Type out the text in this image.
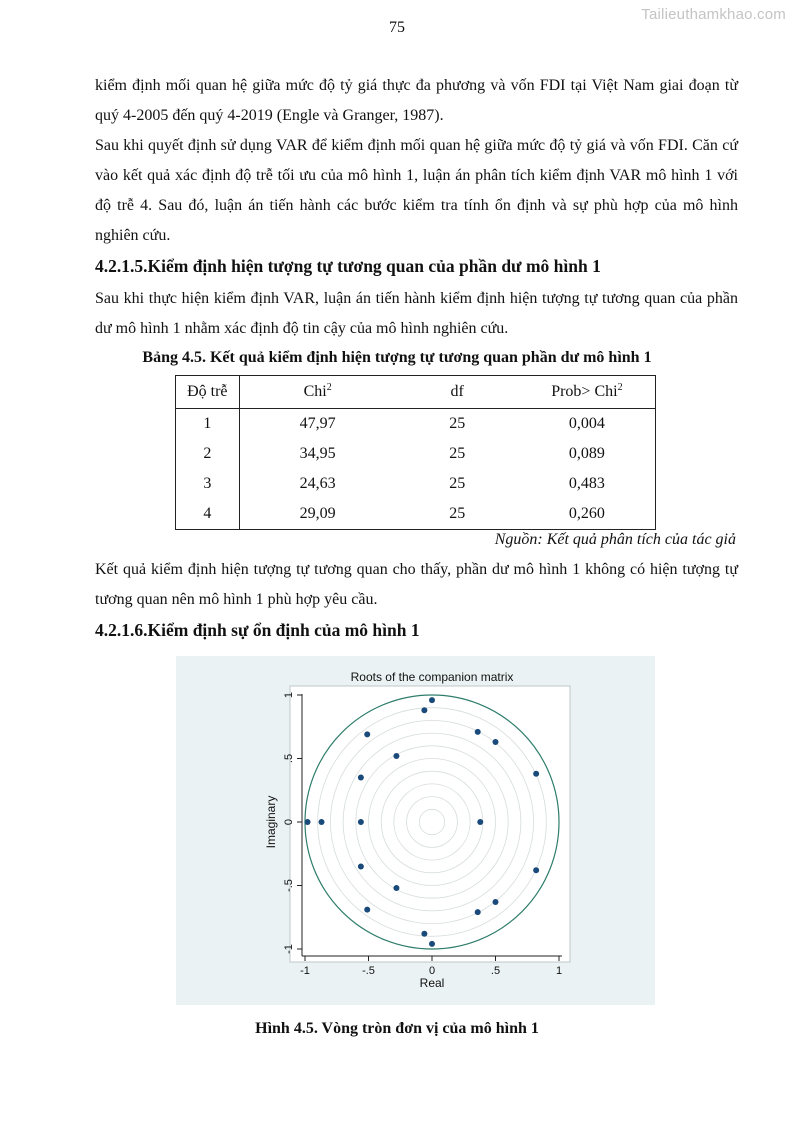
Tailieuthamkhao.com
75

kiểm định mối quan hệ giữa mức độ tỷ giá thực đa phương và vốn FDI tại Việt Nam giai đoạn từ quý 4-2005 đến quý 4-2019 (Engle và Granger, 1987).

Sau khi quyết định sử dụng VAR để kiểm định mối quan hệ giữa mức độ tỷ giá và vốn FDI. Căn cứ vào kết quả xác định độ trễ tối ưu của mô hình 1, luận án phân tích kiểm định VAR mô hình 1 với độ trễ 4. Sau đó, luận án tiến hành các bước kiểm tra tính ổn định và sự phù hợp của mô hình nghiên cứu.

4.2.1.5.Kiểm định hiện tượng tự tương quan của phần dư mô hình 1

Sau khi thực hiện kiểm định VAR, luận án tiến hành kiểm định hiện tượng tự tương quan của phần dư mô hình 1 nhằm xác định độ tin cậy của mô hình nghiên cứu.

Bảng 4.5. Kết quả kiểm định hiện tượng tự tương quan phần dư mô hình 1
Độ trễ	Chi$^2$	df	Prob> Chi$^2$
1	47,97	25	0,004
2	34,95	25	0,089
3	24,63	25	0,483
4	29,09	25	0,260
Nguồn: Kết quả phân tích của tác giả

Kết quả kiểm định hiện tượng tự tương quan cho thấy, phần dư mô hình 1 không có hiện tượng tự tương quan nên mô hình 1 phù hợp yêu cầu.

4.2.1.6.Kiểm định sự ổn định của mô hình 1
-1	-.5	0	.5	1
-1
-.5
0
.5
1
Roots of the companion matrix
Real
Imaginary
Hình 4.5. Vòng tròn đơn vị của mô hình 1
